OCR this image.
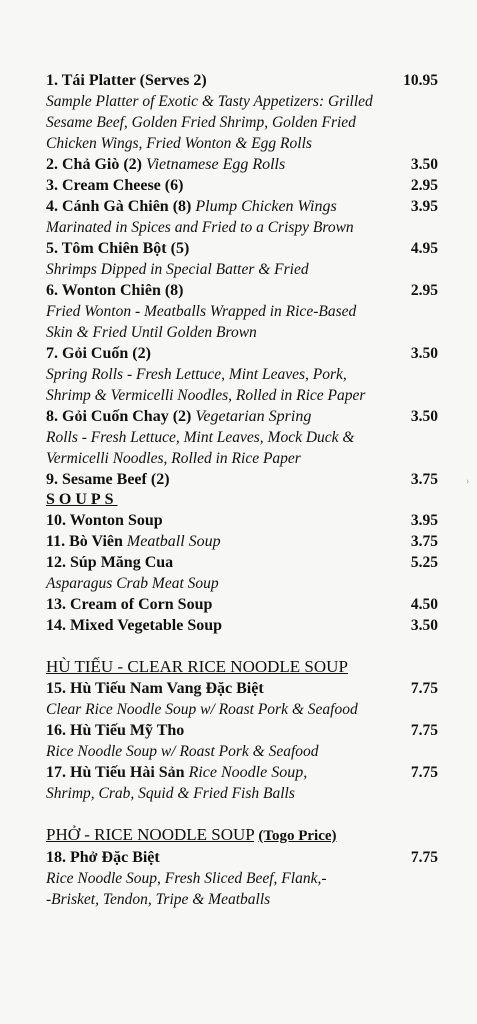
1. Tái Platter (Serves 2)	10.95
Sample Platter of Exotic & Tasty Appetizers: Grilled
Sesame Beef, Golden Fried Shrimp, Golden Fried
Chicken Wings, Fried Wonton & Egg Rolls
2. Chả Giò (2) Vietnamese Egg Rolls	3.50
3. Cream Cheese (6)	2.95
4. Cánh Gà Chiên (8) Plump Chicken Wings	3.95
Marinated in Spices and Fried to a Crispy Brown
5. Tôm Chiên Bột (5)	4.95
Shrimps Dipped in Special Batter & Fried
6. Wonton Chiên (8)	2.95
Fried Wonton - Meatballs Wrapped in Rice-Based
Skin & Fried Until Golden Brown
7. Gỏi Cuốn (2)	3.50
Spring Rolls - Fresh Lettuce, Mint Leaves, Pork,
Shrimp & Vermicelli Noodles, Rolled in Rice Paper
8. Gỏi Cuốn Chay (2) Vegetarian Spring	3.50
Rolls - Fresh Lettuce, Mint Leaves, Mock Duck &
Vermicelli Noodles, Rolled in Rice Paper
9. Sesame Beef (2)	3.75
SOUPS
10. Wonton Soup	3.95
11. Bò Viên Meatball Soup	3.75
12. Súp Măng Cua	5.25
Asparagus Crab Meat Soup
13. Cream of Corn Soup	4.50
14. Mixed Vegetable Soup	3.50
HÙ TIẾU - CLEAR RICE NOODLE SOUP
15. Hù Tiếu Nam Vang Đặc Biệt	7.75
Clear Rice Noodle Soup w/ Roast Pork & Seafood
16. Hù Tiếu Mỹ Tho	7.75
Rice Noodle Soup w/ Roast Pork & Seafood
17. Hù Tiếu Hài Sản Rice Noodle Soup,	7.75
Shrimp, Crab, Squid & Fried Fish Balls
PHỞ - RICE NOODLE SOUP (Togo Price)
18. Phở Đặc Biệt	7.75
Rice Noodle Soup, Fresh Sliced Beef, Flank,-
-Brisket, Tendon, Tripe & Meatballs
›
